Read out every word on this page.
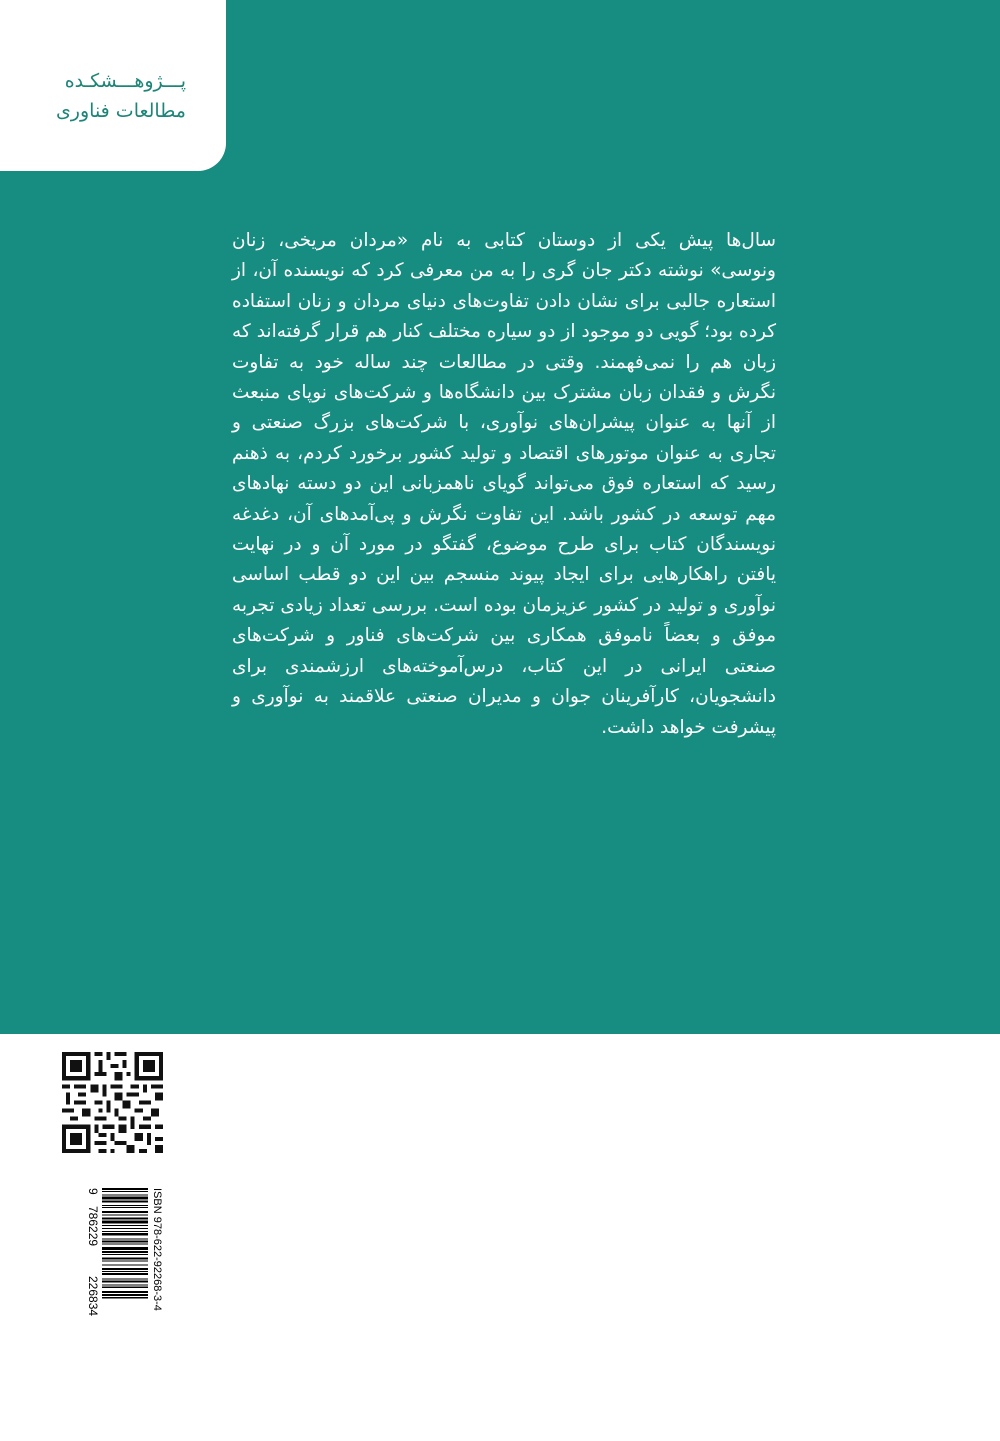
پـــژوهـــشکـده
مطالعات فناوری
سال‌ها پیش یکی از دوستان کتابی به نام «مردان مریخی، زنان ونوسی» نوشته دکتر جان گری را به من معرفی کرد که نویسنده آن، از استعاره جالبی برای نشان دادن تفاوت‌های دنیای مردان و زنان استفاده کرده بود؛ گویی دو موجود از دو سیاره مختلف کنار هم قرار گرفته‌اند که زبان هم را نمی‌فهمند. وقتی در مطالعات چند ساله خود به تفاوت نگرش و فقدان زبان مشترک بین دانشگاه‌ها و شرکت‌های نوپای منبعث از آنها به عنوان پیشران‌های نوآوری، با شرکت‌های بزرگ صنعتی و تجاری به عنوان موتورهای اقتصاد و تولید کشور برخورد کردم، به ذهنم رسید که استعاره فوق می‌تواند گویای ناهمزبانی این دو دسته نهادهای مهم توسعه در کشور باشد. این تفاوت نگرش و پی‌آمدهای آن، دغدغه نویسندگان کتاب برای طرح موضوع، گفتگو در مورد آن و در نهایت یافتن راهکارهایی برای ایجاد پیوند منسجم بین این دو قطب اساسی نوآوری و تولید در کشور عزیزمان بوده است. بررسی تعداد زیادی تجربه موفق و بعضاً ناموفق همکاری بین شرکت‌های فناور و شرکت‌های صنعتی ایرانی در این کتاب، درس‌آموخته‌های ارزشمندی برای دانشجویان، کارآفرینان جوان و مدیران صنعتی علاقمند به نوآوری و پیشرفت خواهد داشت.
ISBN 978-622-92268-3-4
9
786229
226834
